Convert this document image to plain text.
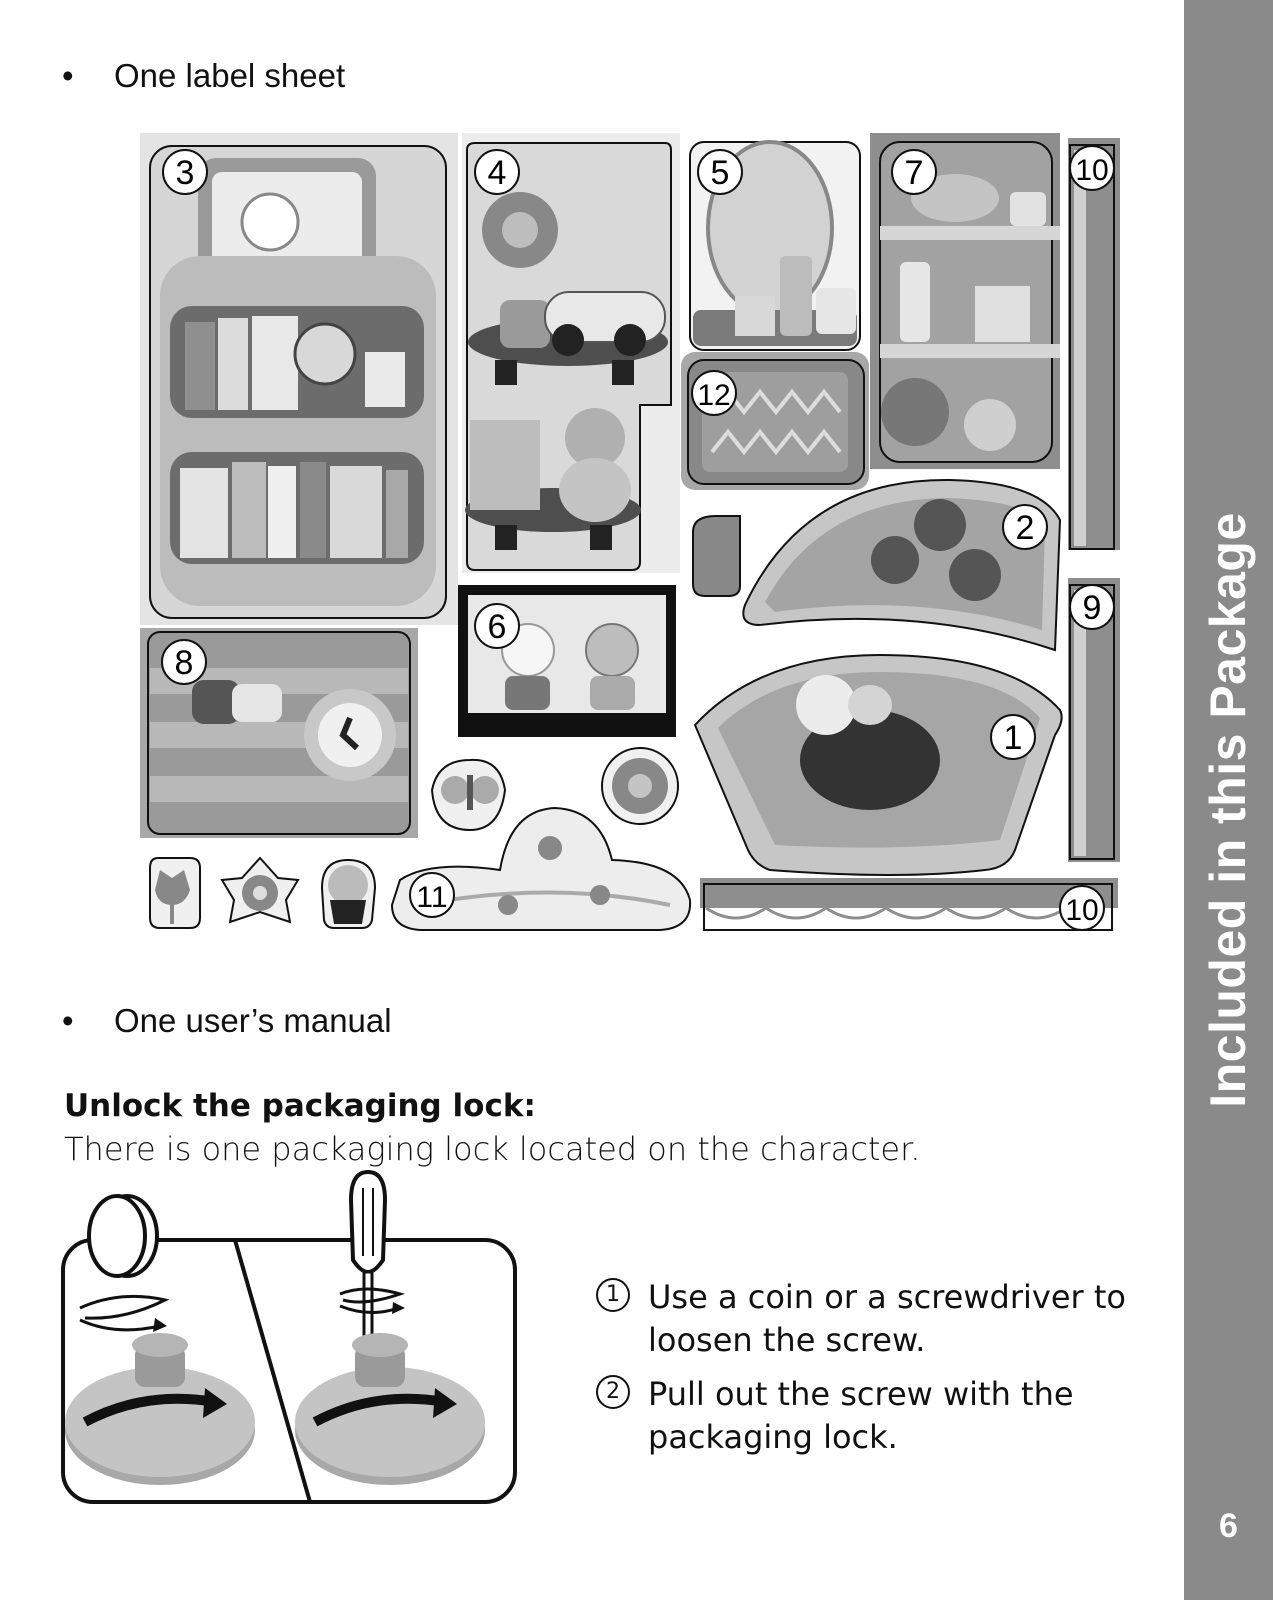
Included in this Package
6
• One label sheet
3	4	5	7	10
12
2
9
6
8
1
11	10
• One user’s manual
Unlock the packaging lock:
There is one packaging lock located on the character.
1 Use a coin or a screwdriver to loosen the screw.
2 Pull out the screw with the packaging lock.
